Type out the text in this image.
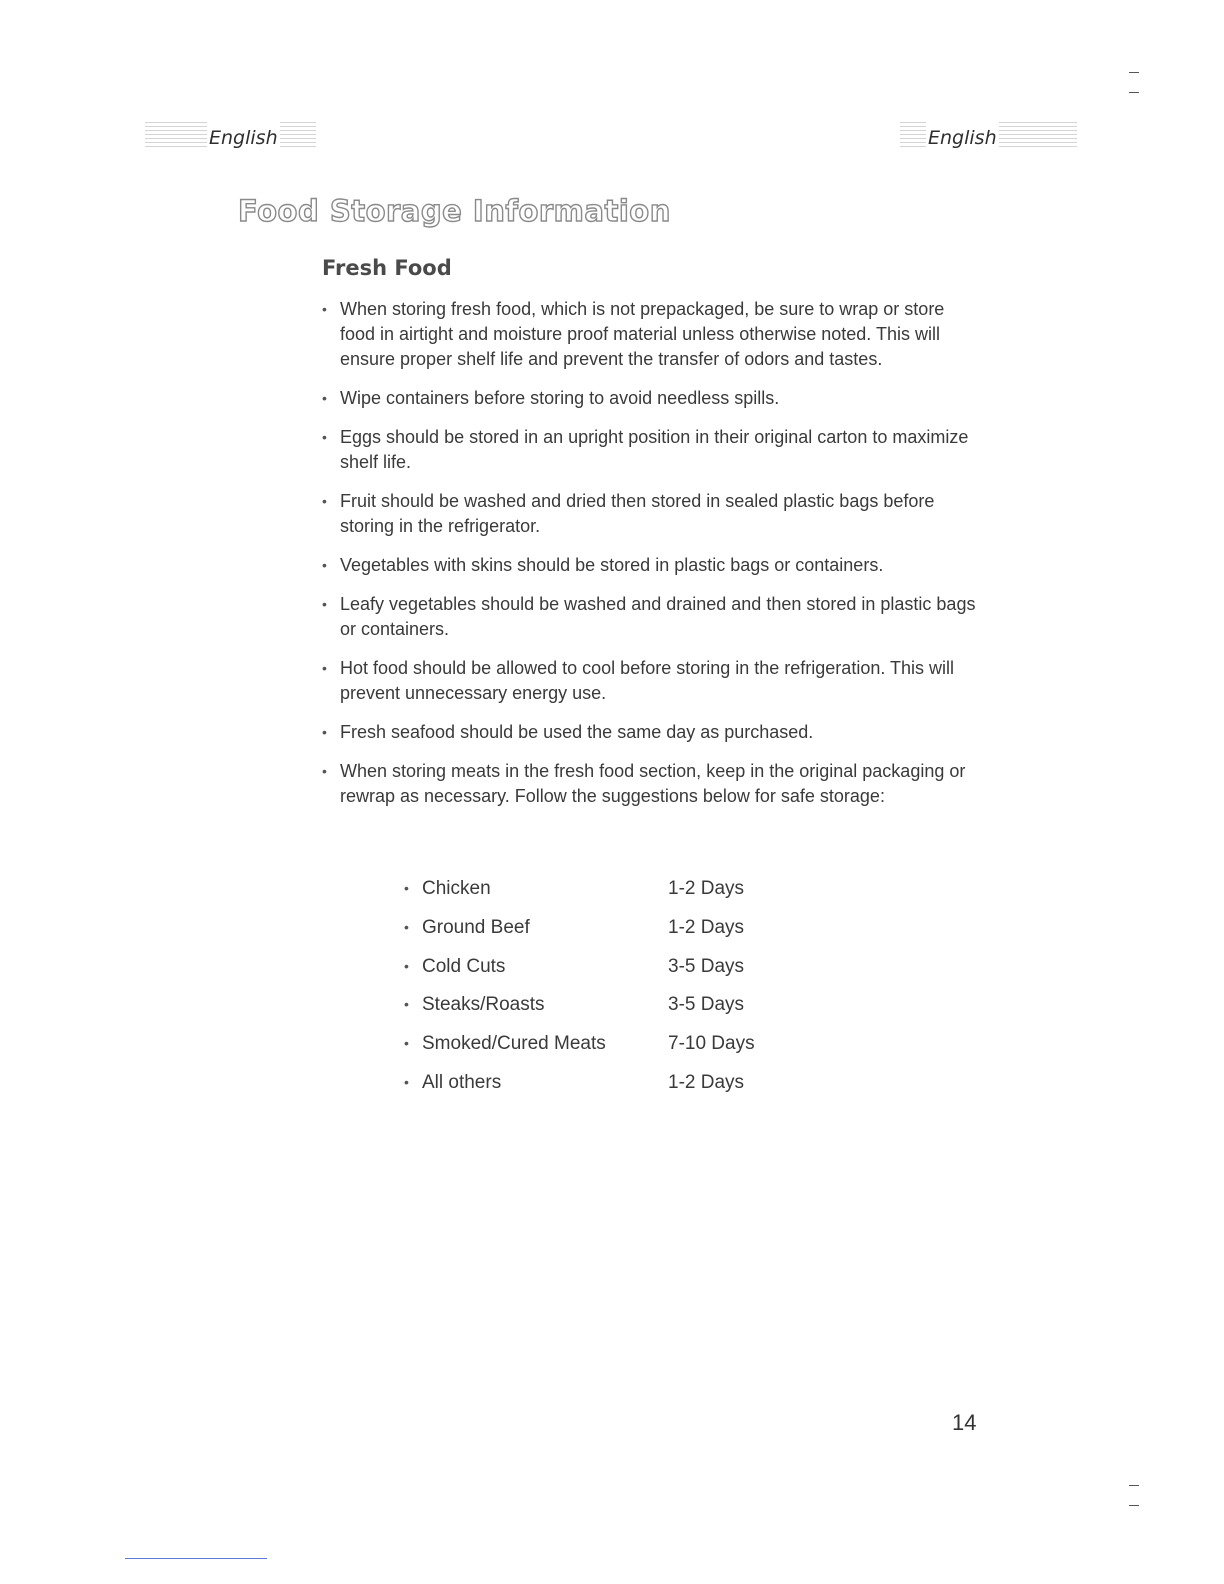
English	English
Food Storage Information
Fresh Food
• When storing fresh food, which is not prepackaged, be sure to wrap or store food in airtight and moisture proof material unless otherwise noted. This will ensure proper shelf life and prevent the transfer of odors and tastes.
• Wipe containers before storing to avoid needless spills.
• Eggs should be stored in an upright position in their original carton to maximize shelf life.
• Fruit should be washed and dried then stored in sealed plastic bags before storing in the refrigerator.
• Vegetables with skins should be stored in plastic bags or containers.
• Leafy vegetables should be washed and drained and then stored in plastic bags or containers.
• Hot food should be allowed to cool before storing in the refrigeration. This will prevent unnecessary energy use.
• Fresh seafood should be used the same day as purchased.
• When storing meats in the fresh food section, keep in the original packaging or rewrap as necessary. Follow the suggestions below for safe storage:
• Chicken	1-2 Days
• Ground Beef	1-2 Days
• Cold Cuts	3-5 Days
• Steaks/Roasts	3-5 Days
• Smoked/Cured Meats	7-10 Days
• All others	1-2 Days
14
